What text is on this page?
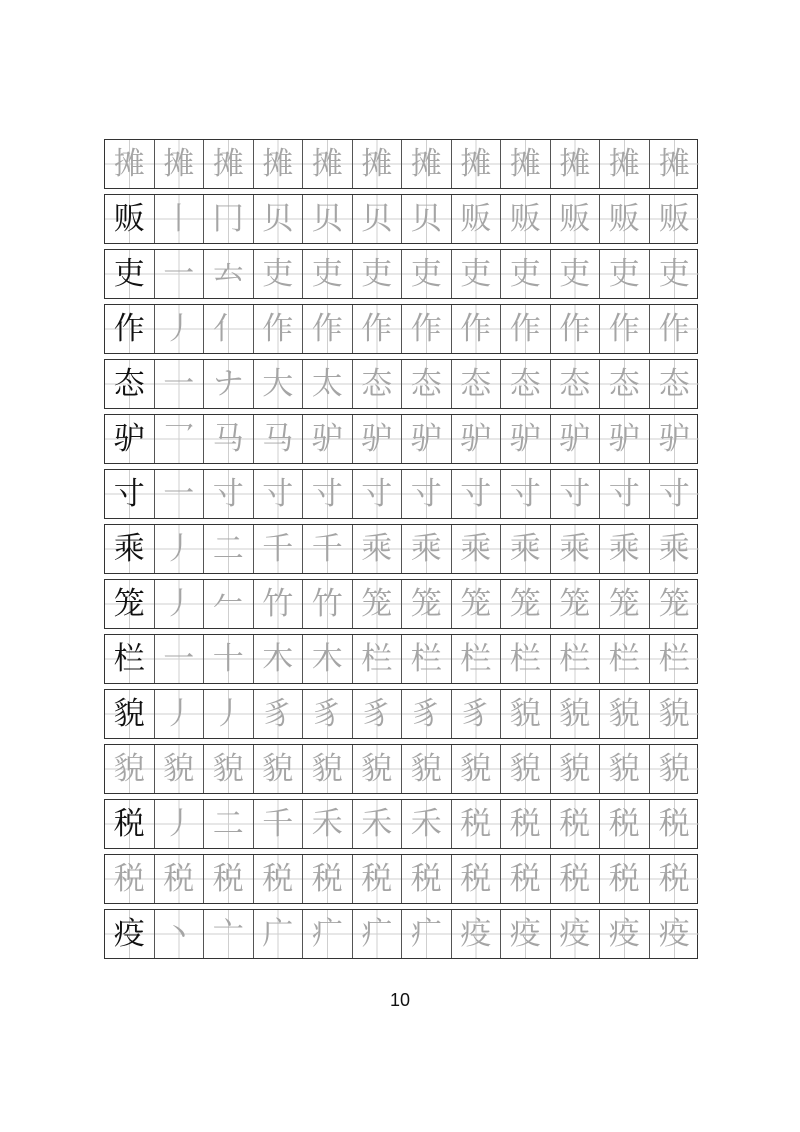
摊 摊 摊 摊 摊 摊 摊 摊 摊 摊 摊 摊
贩 丨 冂 贝 贝 贝 贝 贩 贩 贩 贩 贩
吏 一 𠫓 吏 吏 吏 吏 吏 吏 吏 吏 吏
作 丿 亻 作 作 作 作 作 作 作 作 作
态 一 ナ 大 太 态 态 态 态 态 态 态
驴 乛 马 马 驴 驴 驴 驴 驴 驴 驴 驴
寸 一 寸 寸 寸 寸 寸 寸 寸 寸 寸 寸
乘 丿 二 千 千 乘 乘 乘 乘 乘 乘 乘
笼 丿 𠂉 竹 竹 笼 笼 笼 笼 笼 笼 笼
栏 一 十 木 木 栏 栏 栏 栏 栏 栏 栏
貌 丿 丿 豸 豸 豸 豸 豸 貌 貌 貌 貌
貌 貌 貌 貌 貌 貌 貌 貌 貌 貌 貌 貌
税 丿 二 千 禾 禾 禾 税 税 税 税 税
税 税 税 税 税 税 税 税 税 税 税 税
疫 丶 亠 广 疒 疒 疒 疫 疫 疫 疫 疫
10
